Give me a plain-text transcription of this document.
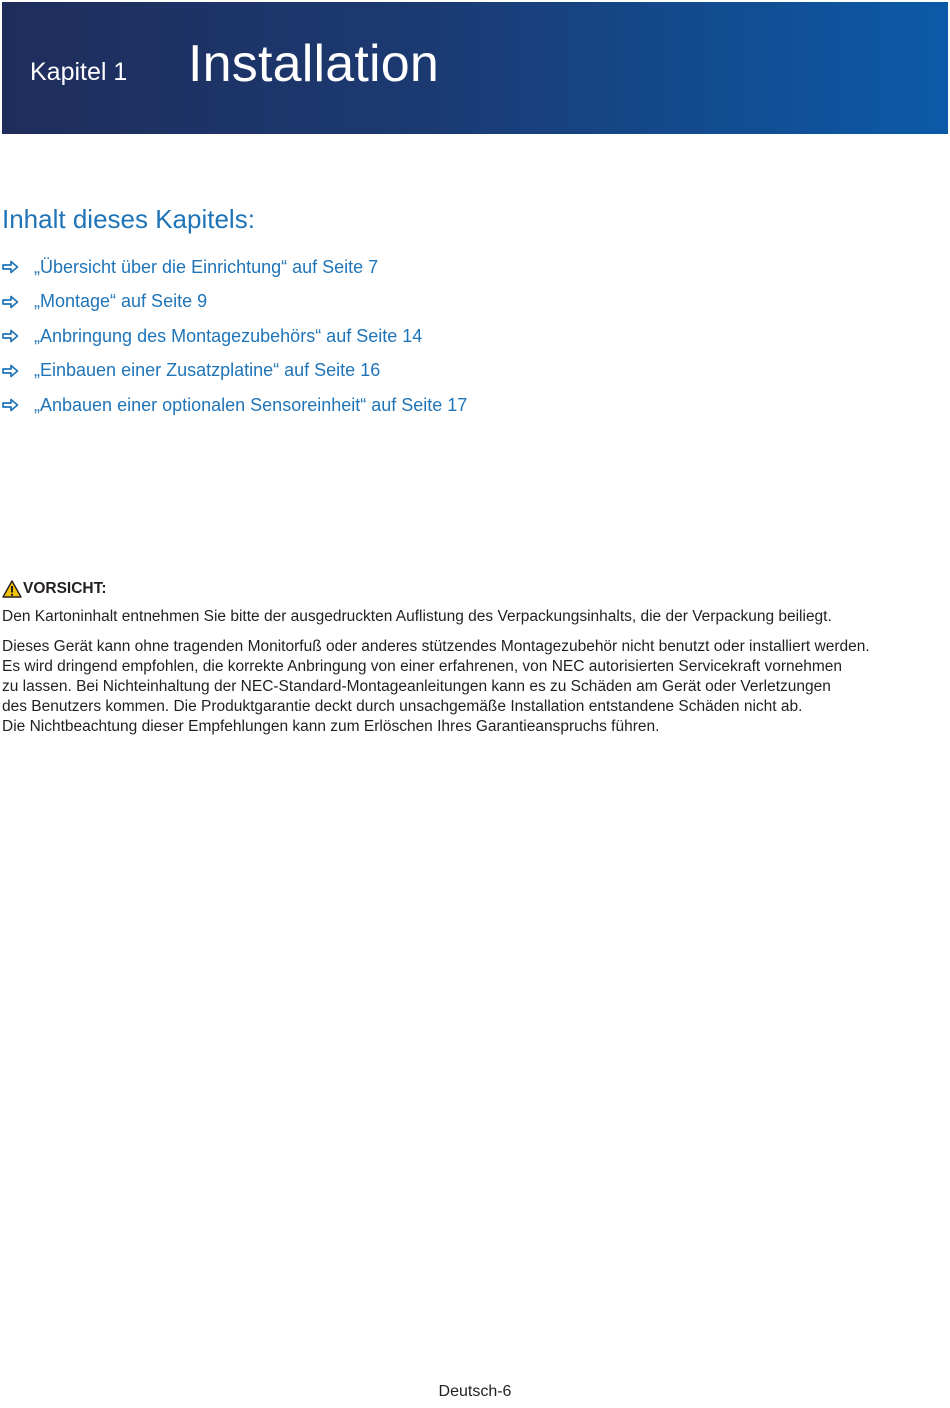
Kapitel 1 Installation
Inhalt dieses Kapitels:
„Übersicht über die Einrichtung“ auf Seite 7
„Montage“ auf Seite 9
„Anbringung des Montagezubehörs“ auf Seite 14
„Einbauen einer Zusatzplatine“ auf Seite 16
„Anbauen einer optionalen Sensoreinheit“ auf Seite 17
VORSICHT:

Den Kartoninhalt entnehmen Sie bitte der ausgedruckten Auflistung des Verpackungsinhalts, die der Verpackung beiliegt.

Dieses Gerät kann ohne tragenden Monitorfuß oder anderes stützendes Montagezubehör nicht benutzt oder installiert werden.
Es wird dringend empfohlen, die korrekte Anbringung von einer erfahrenen, von NEC autorisierten Servicekraft vornehmen
zu lassen. Bei Nichteinhaltung der NEC-Standard-Montageanleitungen kann es zu Schäden am Gerät oder Verletzungen
des Benutzers kommen. Die Produktgarantie deckt durch unsachgemäße Installation entstandene Schäden nicht ab.
Die Nichtbeachtung dieser Empfehlungen kann zum Erlöschen Ihres Garantieanspruchs führen.

Deutsch-6
